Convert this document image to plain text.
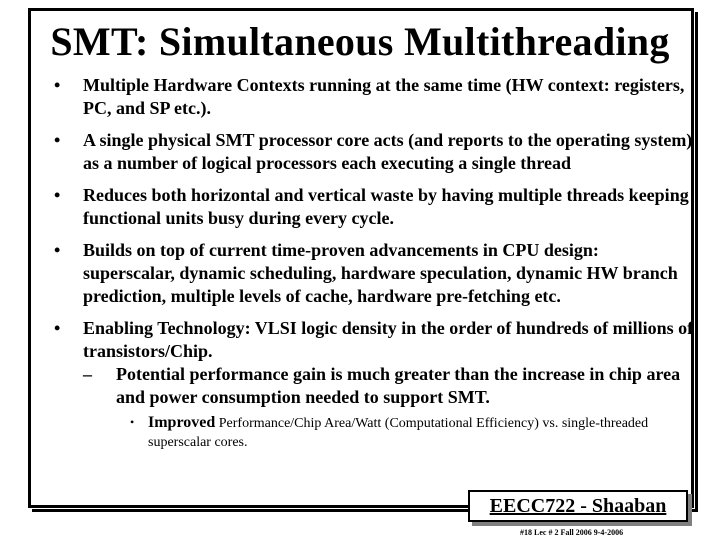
SMT: Simultaneous Multithreading
• Multiple Hardware Contexts running at the same time (HW context: registers, PC, and SP etc.).
• A single physical SMT processor core acts (and reports to the operating system) as a number of logical processors each executing a single thread
• Reduces both horizontal and vertical waste by having multiple threads keeping functional units busy during every cycle.
• Builds on top of current time-proven advancements in CPU design: superscalar, dynamic scheduling, hardware speculation, dynamic HW branch prediction, multiple levels of cache, hardware pre-fetching etc.
• Enabling Technology: VLSI logic density in the order of hundreds of millions of transistors/Chip.
– Potential performance gain is much greater than the increase in chip area and power consumption needed to support SMT.
• Improved Performance/Chip Area/Watt (Computational Efficiency) vs. single-threaded superscalar cores.
EECC722 - Shaaban
#18 Lec # 2 Fall 2006 9-4-2006
